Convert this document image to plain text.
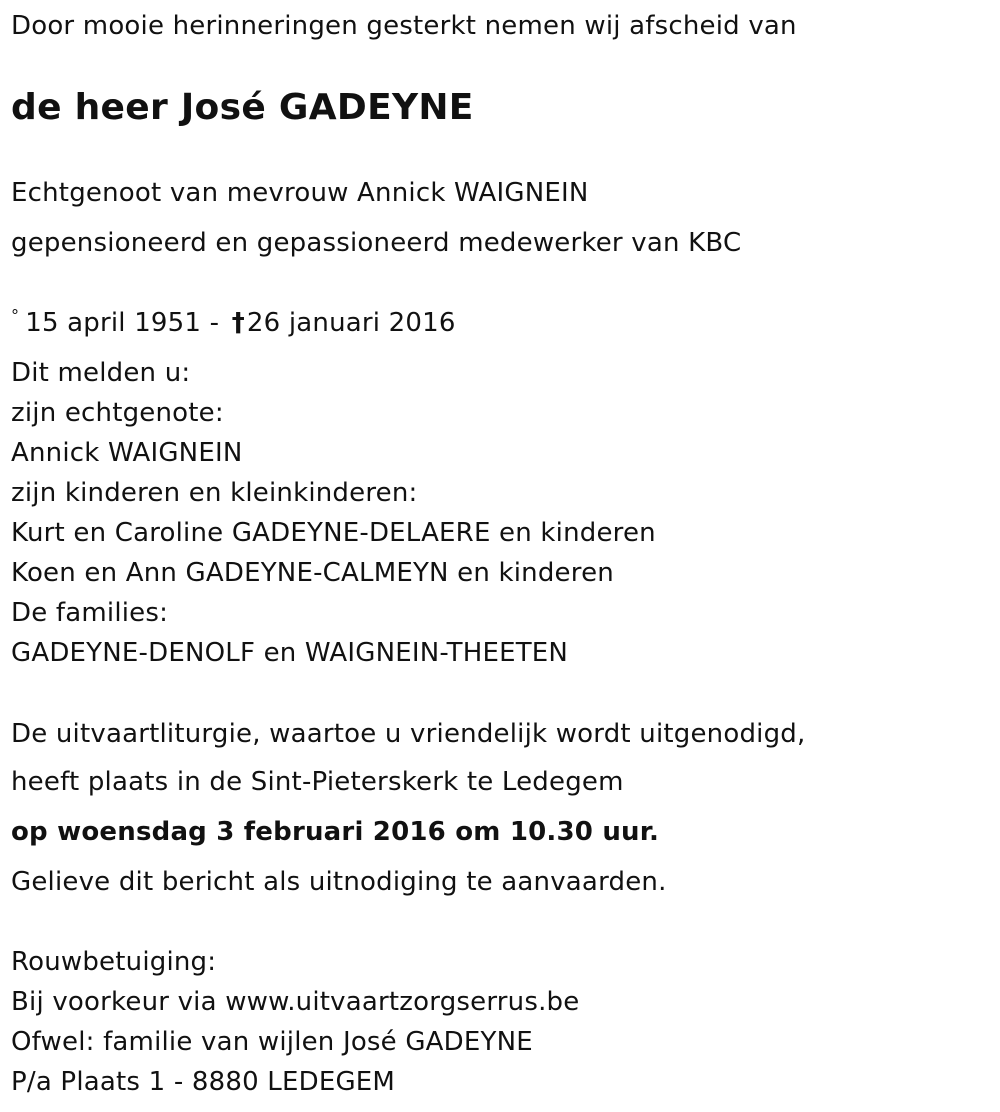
Door mooie herinneringen gesterkt nemen wij afscheid van
de heer José GADEYNE
Echtgenoot van mevrouw Annick WAIGNEIN
gepensioneerd en gepassioneerd medewerker van KBC
° 15 april 1951 - †26 januari 2016
Dit melden u:
zijn echtgenote:
Annick WAIGNEIN
zijn kinderen en kleinkinderen:
Kurt en Caroline GADEYNE-DELAERE en kinderen
Koen en Ann GADEYNE-CALMEYN en kinderen
De families:
GADEYNE-DENOLF en WAIGNEIN-THEETEN
De uitvaartliturgie, waartoe u vriendelijk wordt uitgenodigd,
heeft plaats in de Sint-Pieterskerk te Ledegem
op woensdag 3 februari 2016 om 10.30 uur.
Gelieve dit bericht als uitnodiging te aanvaarden.
Rouwbetuiging:
Bij voorkeur via www.uitvaartzorgserrus.be
Ofwel: familie van wijlen José GADEYNE
P/a Plaats 1 - 8880 LEDEGEM
